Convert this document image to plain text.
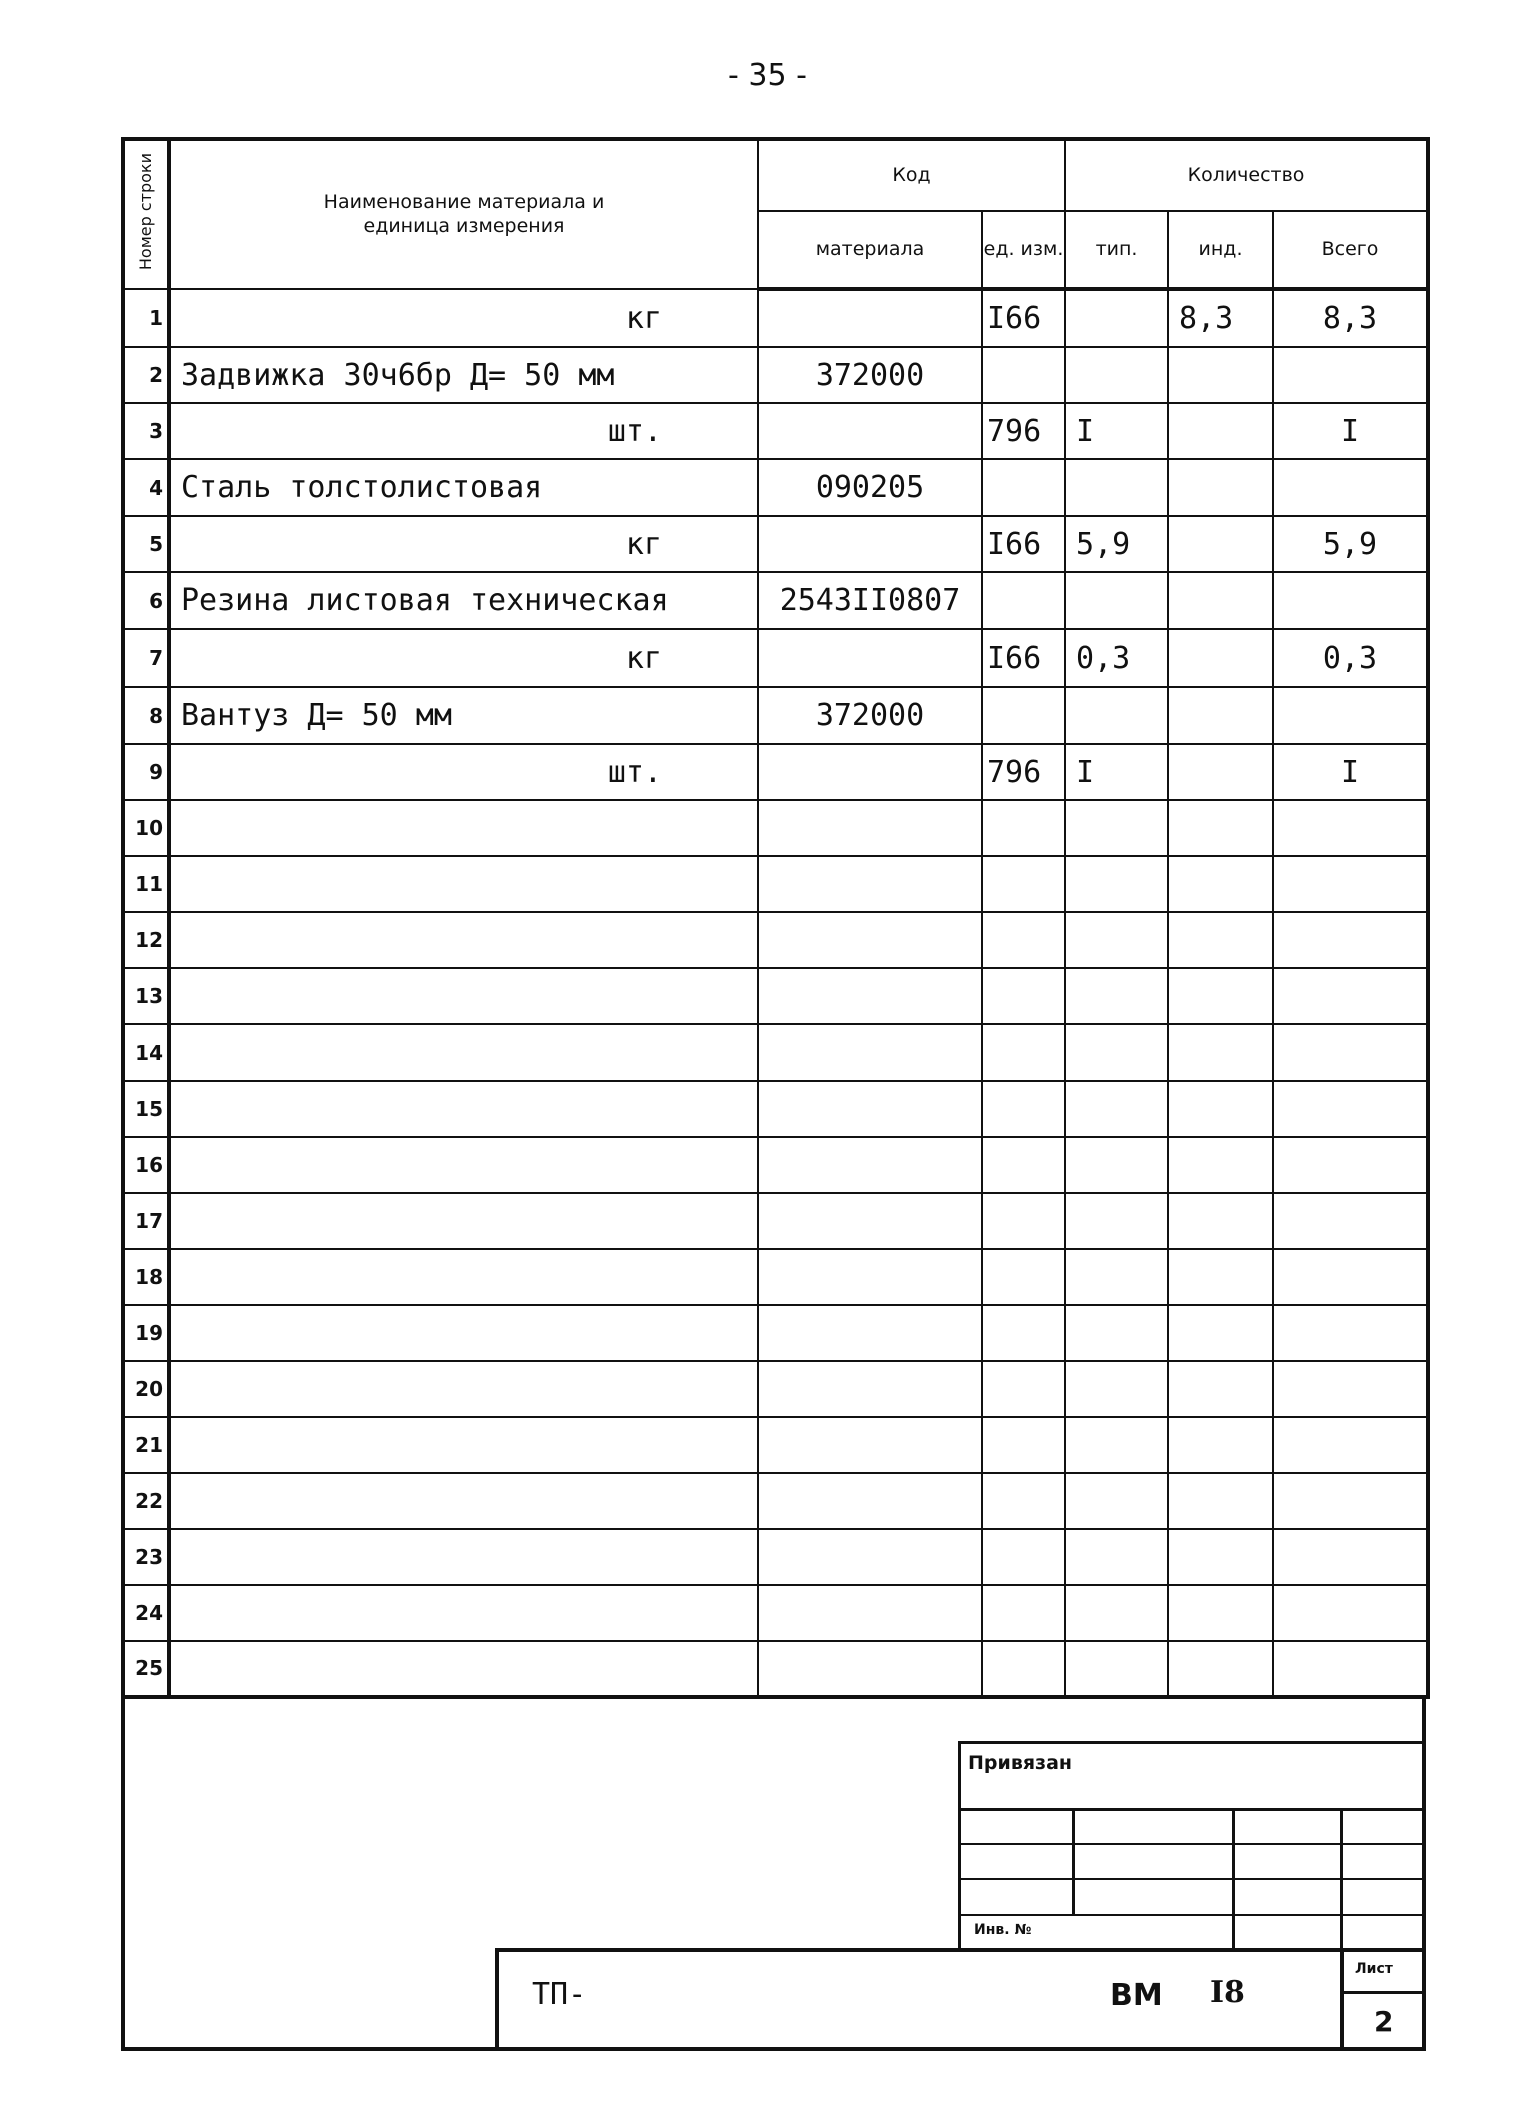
- 35 -
Номер строки	Наименование материала и единица измерения	Код		Количество		
		материала	ед. изм.	тип.	инд.	Всего
1	кг		I66		8,3	8,3
2	Задвижка 30ч6бр Д= 50 мм	372000				
3	шт.		796	I		I
4	Сталь толстолистовая	090205				
5	кг		I66	5,9		5,9
6	Резина листовая техническая	2543II0807				
7	кг		I66	0,3		0,3
8	Вантуз Д= 50 мм	372000				
9	шт.		796	I		I
10						
11						
12						
13						
14						
15						
16						
17						
18						
19						
20						
21						
22						
23						
24						
25						
Привязан
Инв. №
ТП-	ВМ I8
Лист
2
